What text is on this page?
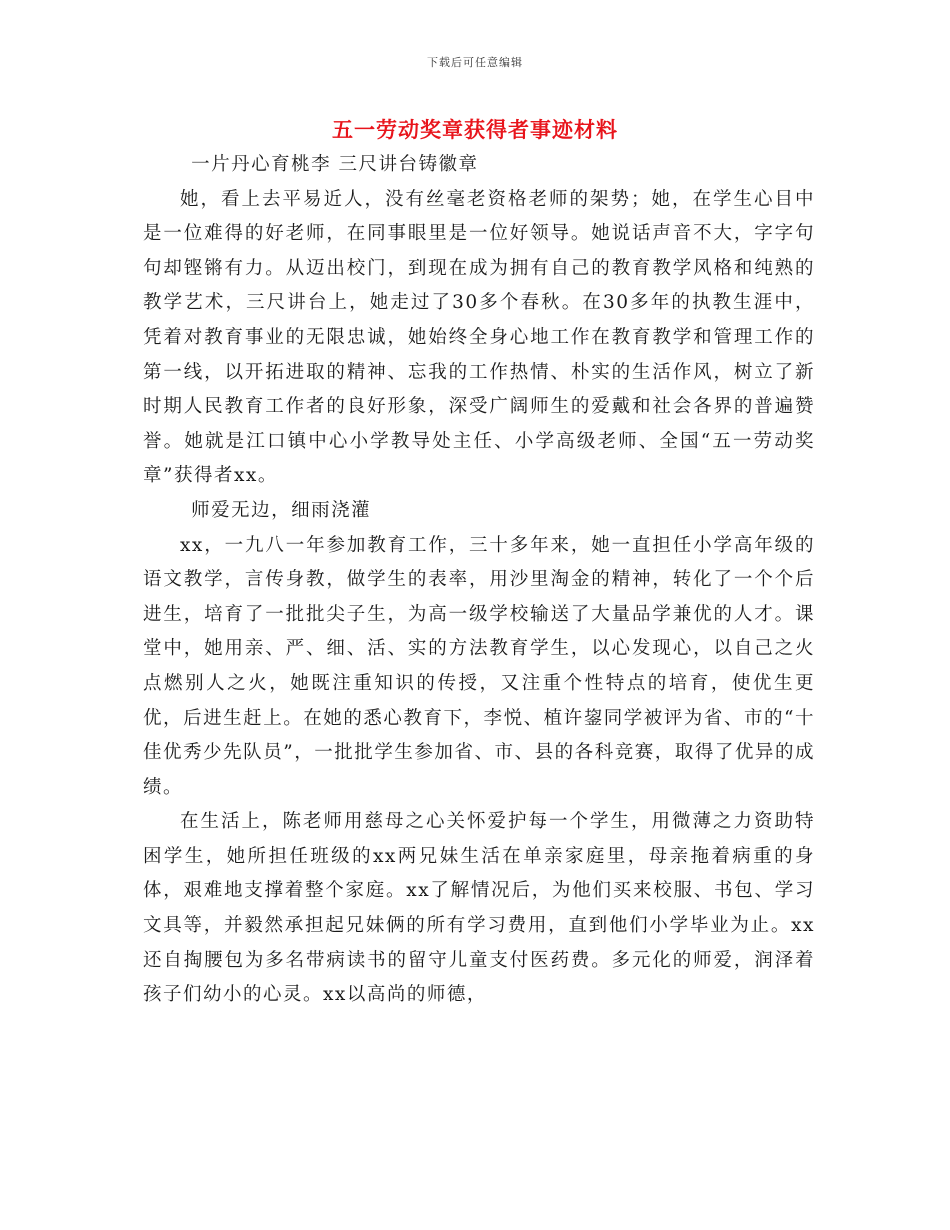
下载后可任意编辑
五一劳动奖章获得者事迹材料

一片丹心育桃李 三尺讲台铸徽章

她，看上去平易近人，没有丝毫老资格老师的架势；她，在学生心目中是一位难得的好老师，在同事眼里是一位好领导。她说话声音不大，字字句句却铿锵有力。从迈出校门，到现在成为拥有自己的教育教学风格和纯熟的教学艺术，三尺讲台上，她走过了30多个春秋。在30多年的执教生涯中，凭着对教育事业的无限忠诚，她始终全身心地工作在教育教学和管理工作的第一线，以开拓进取的精神、忘我的工作热情、朴实的生活作风，树立了新时期人民教育工作者的良好形象，深受广阔师生的爱戴和社会各界的普遍赞誉。她就是江口镇中心小学教导处主任、小学高级老师、全国“五一劳动奖章”获得者xx。

师爱无边，细雨浇灌

xx，一九八一年参加教育工作，三十多年来，她一直担任小学高年级的语文教学，言传身教，做学生的表率，用沙里淘金的精神，转化了一个个后进生，培育了一批批尖子生，为高一级学校输送了大量品学兼优的人才。课堂中，她用亲、严、细、活、实的方法教育学生，以心发现心，以自己之火点燃别人之火，她既注重知识的传授，又注重个性特点的培育，使优生更优，后进生赶上。在她的悉心教育下，李悦、植许鋆同学被评为省、市的“十佳优秀少先队员”，一批批学生参加省、市、县的各科竞赛，取得了优异的成绩。

在生活上，陈老师用慈母之心关怀爱护每一个学生，用微薄之力资助特困学生，她所担任班级的xx两兄妹生活在单亲家庭里，母亲拖着病重的身体，艰难地支撑着整个家庭。xx了解情况后，为他们买来校服、书包、学习文具等，并毅然承担起兄妹俩的所有学习费用，直到他们小学毕业为止。xx还自掏腰包为多名带病读书的留守儿童支付医药费。多元化的师爱，润泽着孩子们幼小的心灵。xx以高尚的师德，
